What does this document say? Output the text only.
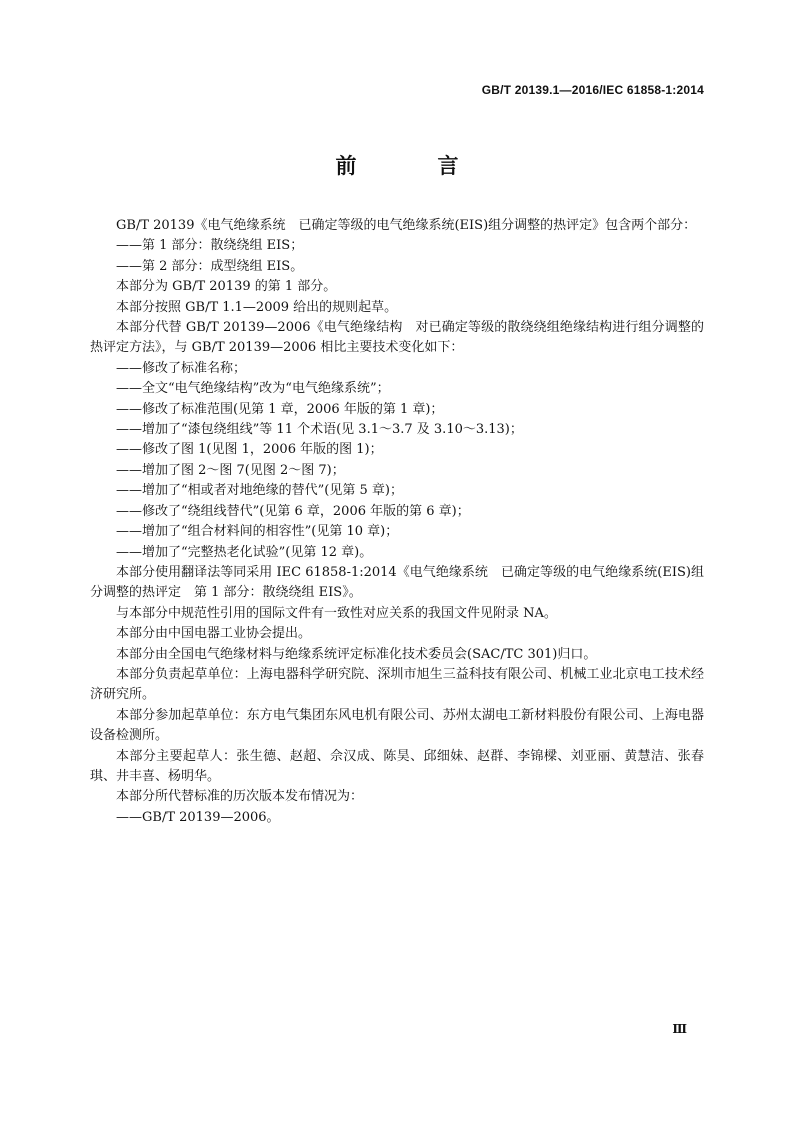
GB/T 20139.1—2016/IEC 61858-1:2014
前　言

GB/T 20139《电气绝缘系统　已确定等级的电气绝缘系统(EIS)组分调整的热评定》包含两个部分：

——第 1 部分：散绕绕组 EIS；

——第 2 部分：成型绕组 EIS。

本部分为 GB/T 20139 的第 1 部分。

本部分按照 GB/T 1.1—2009 给出的规则起草。

本部分代替 GB/T 20139—2006《电气绝缘结构　对已确定等级的散绕绕组绝缘结构进行组分调整的热评定方法》，与 GB/T 20139—2006 相比主要技术变化如下：

——修改了标准名称；

——全文“电气绝缘结构”改为“电气绝缘系统”；

——修改了标准范围(见第 1 章，2006 年版的第 1 章)；

——增加了“漆包绕组线”等 11 个术语(见 3.1～3.7 及 3.10～3.13)；

——修改了图 1(见图 1，2006 年版的图 1)；

——增加了图 2～图 7(见图 2～图 7)；

——增加了“相或者对地绝缘的替代”(见第 5 章)；

——修改了“绕组线替代”(见第 6 章，2006 年版的第 6 章)；

——增加了“组合材料间的相容性”(见第 10 章)；

——增加了“完整热老化试验”(见第 12 章)。

本部分使用翻译法等同采用 IEC 61858-1:2014《电气绝缘系统　已确定等级的电气绝缘系统(EIS)组分调整的热评定　第 1 部分：散绕绕组 EIS》。

与本部分中规范性引用的国际文件有一致性对应关系的我国文件见附录 NA。

本部分由中国电器工业协会提出。

本部分由全国电气绝缘材料与绝缘系统评定标准化技术委员会(SAC/TC 301)归口。

本部分负责起草单位：上海电器科学研究院、深圳市旭生三益科技有限公司、机械工业北京电工技术经济研究所。

本部分参加起草单位：东方电气集团东风电机有限公司、苏州太湖电工新材料股份有限公司、上海电器设备检测所。

本部分主要起草人：张生德、赵超、佘汉成、陈昊、邱细妹、赵群、李锦樑、刘亚丽、黄慧洁、张春琪、井丰喜、杨明华。

本部分所代替标准的历次版本发布情况为：

——GB/T 20139—2006。

Ⅲ
